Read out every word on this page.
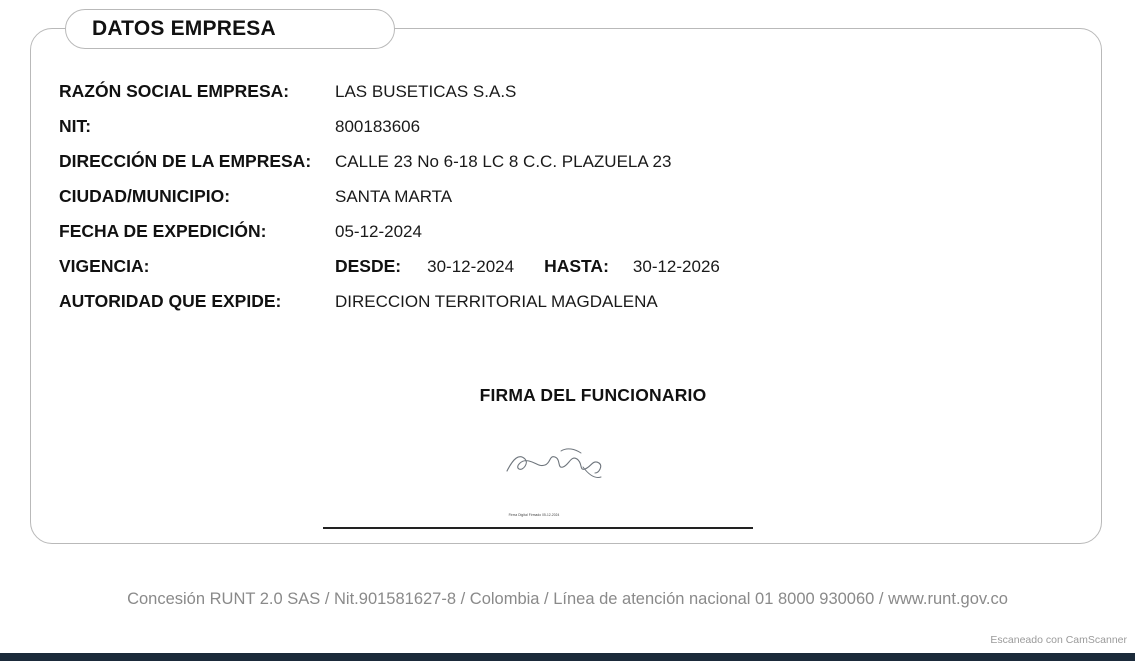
DATOS EMPRESA
RAZÓN SOCIAL EMPRESA:	LAS BUSETICAS S.A.S
NIT:	800183606
DIRECCIÓN DE LA EMPRESA:	CALLE 23 No 6-18 LC 8 C.C. PLAZUELA 23
CIUDAD/MUNICIPIO:	SANTA MARTA
FECHA DE EXPEDICIÓN:	05-12-2024
VIGENCIA:	DESDE: 30-12-2024 HASTA: 30-12-2026
AUTORIDAD QUE EXPIDE:	DIRECCION TERRITORIAL MAGDALENA
FIRMA DEL FUNCIONARIO
Firma Digital Firmado 05-12-2024
Concesión RUNT 2.0 SAS / Nit.901581627-8 / Colombia / Línea de atención nacional 01 8000 930060 / www.runt.gov.co
Escaneado con CamScanner
